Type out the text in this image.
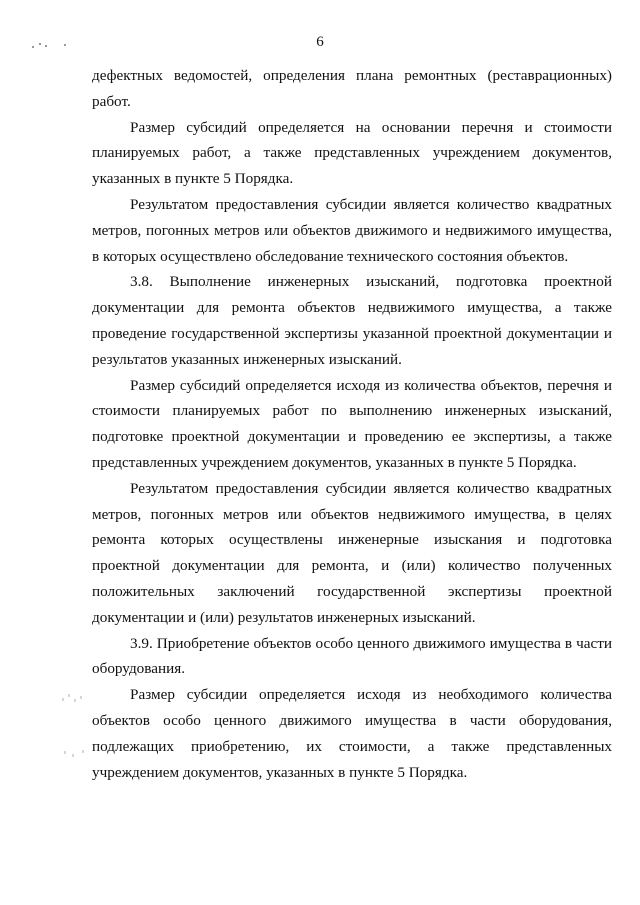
6

дефектных ведомостей, определения плана ремонтных (реставрационных) работ.

Размер субсидий определяется на основании перечня и стоимости планируемых работ, а также представленных учреждением документов, указанных в пункте 5 Порядка.

Результатом предоставления субсидии является количество квадратных метров, погонных метров или объектов движимого и недвижимого имущества, в которых осуществлено обследование технического состояния объектов.

3.8. Выполнение инженерных изысканий, подготовка проектной документации для ремонта объектов недвижимого имущества, а также проведение государственной экспертизы указанной проектной документации и результатов указанных инженерных изысканий.

Размер субсидий определяется исходя из количества объектов, перечня и стоимости планируемых работ по выполнению инженерных изысканий, подготовке проектной документации и проведению ее экспертизы, а также представленных учреждением документов, указанных в пункте 5 Порядка.

Результатом предоставления субсидии является количество квадратных метров, погонных метров или объектов недвижимого имущества, в целях ремонта которых осуществлены инженерные изыскания и подготовка проектной документации для ремонта, и (или) количество полученных положительных заключений государственной экспертизы проектной документации и (или) результатов инженерных изысканий.

3.9. Приобретение объектов особо ценного движимого имущества в части оборудования.

Размер субсидии определяется исходя из необходимого количества объектов особо ценного движимого имущества в части оборудования, подлежащих приобретению, их стоимости, а также представленных учреждением документов, указанных в пункте 5 Порядка.
